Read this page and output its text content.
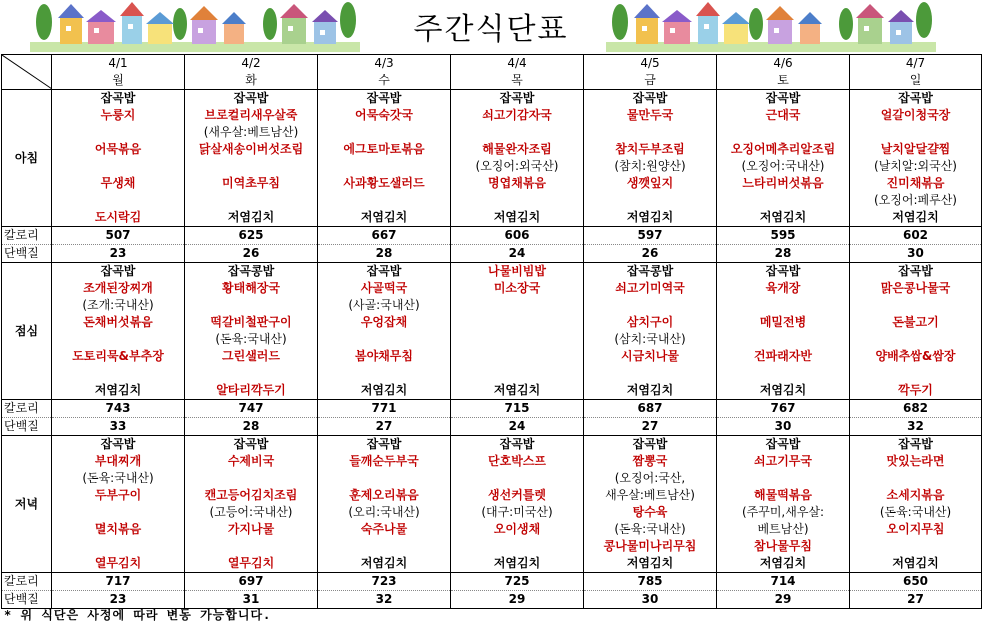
주간식단표
	4/1	4/2	4/3	4/4	4/5	4/6	4/7
	월	화	수	목	금	토	일
아침	잡곡밥	잡곡밥	잡곡밥	잡곡밥	잡곡밥	잡곡밥	잡곡밥
	누룽지	브로컬리새우살죽	어묵숙갓국	쇠고기감자국	물만두국	근대국	얼갈이청국장
		(새우살:베트남산)					
	어묵볶음	닭살새송이버섯조림	에그토마토볶음	해물완자조림	참치두부조림	오징어메추리알조림	날치알달걀찜
				(오징어:외국산)	(참치:원양산)	(오징어:국내산)	(날치알:외국산)
	무생채	미역초무침	사과황도샐러드	명엽채볶음	생깻잎지	느타리버섯볶음	진미채볶음
							(오징어:페루산)
	도시락김	저염김치	저염김치	저염김치	저염김치	저염김치	저염김치
칼로리	507	625	667	606	597	595	602
단백질	23	26	28	24	26	28	30
점심	잡곡밥	잡곡콩밥	잡곡밥	나물비빔밥	잡곡콩밥	잡곡밥	잡곡밥
	조개된장찌개	황태해장국	사골떡국	미소장국	쇠고기미역국	육개장	맑은콩나물국
	(조개:국내산)		(사골:국내산)				
	돈채버섯볶음	떡갈비철판구이	우엉잡채		삼치구이	메밀전병	돈불고기
		(돈육:국내산)			(삼치:국내산)		
	도토리묵&부추장	그린샐러드	봄야채무침		시금치나물	건파래자반	양배추쌈&쌈장

	저염김치	알타리깍두기	저염김치	저염김치	저염김치	저염김치	깍두기
칼로리	743	747	771	715	687	767	682
단백질	33	28	27	24	27	30	32
저녁	잡곡밥	잡곡밥	잡곡밥	잡곡밥	잡곡밥	잡곡밥	잡곡밥
	부대찌개	수제비국	들깨순두부국	단호박스프	짬뽕국	쇠고기무국	맛있는라면
	(돈육:국내산)				(오징어:국산,		
	두부구이	캔고등어김치조림	훈제오리볶음	생선커틀렛	새우살:베트남산)	해물떡볶음	소세지볶음
		(고등어:국내산)	(오리:국내산)	(대구:미국산)	탕수육	(주꾸미,새우살:	(돈육:국내산)
	멸치볶음	가지나물	숙주나물	오이생채	(돈육:국내산)	베트남산)	오이지무침
					콩나물미나리무침	참나물무침	
	열무김치	열무김치	저염김치	저염김치	저염김치	저염김치	저염김치
칼로리	717	697	723	725	785	714	650
단백질	23	31	32	29	30	29	27
* 위 식단은 사정에 따라 변동 가능합니다.
